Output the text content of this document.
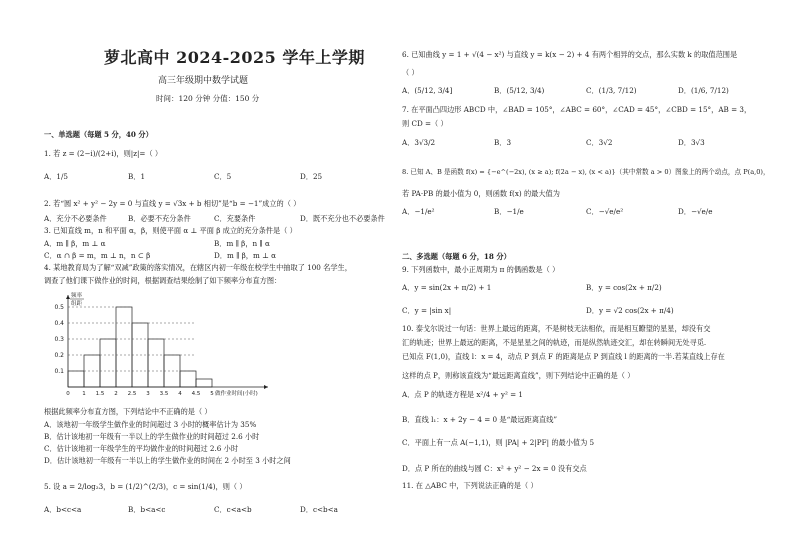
萝北高中 2024-2025 学年上学期
高三年级期中数学试题
时间：120 分钟 分值：150 分
一、单选题（每题 5 分，40 分）
1. 若 z = (2−i)/(2+i)，则|z|=（ ）
A．1/5	B．1	C．5	D．25
2. 若“圆 x² + y² − 2y = 0 与直线 y = √3x + b 相切”是“b = −1”成立的（ ）
A．充分不必要条件	B．必要不充分条件	C．充要条件	D．既不充分也不必要条件
3. 已知直线 m，n 和平面 α，β，则使平面 α ⊥ 平面 β 成立的充分条件是（ ）
A．m ∥ β，m ⊥ α	B．m ∥ β，n ∥ α
C．α ∩ β = m，m ⊥ n，n ⊂ β	D．m ∥ β，m ⊥ α
4. 某地教育局为了解“双减”政策的落实情况，在辖区内初一年级在校学生中抽取了 100 名学生，
调查了他们课下做作业的时间，根据调查结果绘制了如下频率分布直方图：
0.1
0.2
0.3
0.4
0.5
0 1 1.5 2 2.5 3 3.5 4 4.5 5
频率
组距
做作业时间(小时)
根据此频率分布直方图，下列结论中不正确的是（ ）
A．该地初一年级学生做作业的时间超过 3 小时的概率估计为 35%
B．估计该地初一年级有一半以上的学生做作业的时间超过 2.6 小时
C．估计该地初一年级学生的平均做作业的时间超过 2.6 小时
D．估计该地初一年级有一半以上的学生做作业的时间在 2 小时至 3 小时之间
5. 设 a = 2/log₂3，b = (1/2)^(2/3)，c = sin(1/4)，则（ ）
A．b<c<a	B．b<a<c	C．c<a<b	D．c<b<a
6. 已知曲线 y = 1 + √(4 − x²) 与直线 y = k(x − 2) + 4 有两个相异的交点，那么实数 k 的取值范围是
（ ）
A．(5/12, 3/4]	B．(5/12, 3/4)	C．(1/3, 7/12)	D．(1/6, 7/12)
7. 在平面凸四边形 ABCD 中，∠BAD = 105°，∠ABC = 60°，∠CAD = 45°，∠CBD = 15°，AB = 3，
则 CD =（ ）
A．3√3/2	B．3	C．3√2	D．3√3
8. 已知 A、B 是函数 f(x) = {−e^(−2x), (x ≥ a); f(2a − x), (x < a)}（其中常数 a > 0）图象上的两个动点，点 P(a,0)，
若 PA·PB 的最小值为 0，则函数 f(x) 的最大值为
A．−1/e²	B．−1/e	C．−√e/e²	D．−√e/e
二、多选题（每题 6 分，18 分）
9. 下列函数中，最小正周期为 π 的偶函数是（ ）
A．y = sin(2x + π/2) + 1	B．y = cos(2x + π/2)
C．y = |sin x|	D．y = √2 cos(2x + π/4)
10. 泰戈尔说过一句话：世界上最远的距离，不是树枝无法相依，而是相互瞭望的星星，却没有交
汇的轨迹；世界上最远的距离，不是星星之间的轨迹，而是纵然轨迹交汇，却在转瞬间无处寻觅.
已知点 F(1,0)，直线 l：x = 4，动点 P 到点 F 的距离是点 P 到直线 l 的距离的一半.若某直线上存在
这样的点 P，则称该直线为“最远距离直线”，则下列结论中正确的是（ ）
A．点 P 的轨迹方程是 x²/4 + y² = 1
B．直线 l₁：x + 2y − 4 = 0 是“最远距离直线”
C．平面上有一点 A(−1,1)，则 |PA| + 2|PF| 的最小值为 5
D．点 P 所在的曲线与圆 C：x² + y² − 2x = 0 没有交点
11. 在 △ABC 中，下列说法正确的是（ ）
